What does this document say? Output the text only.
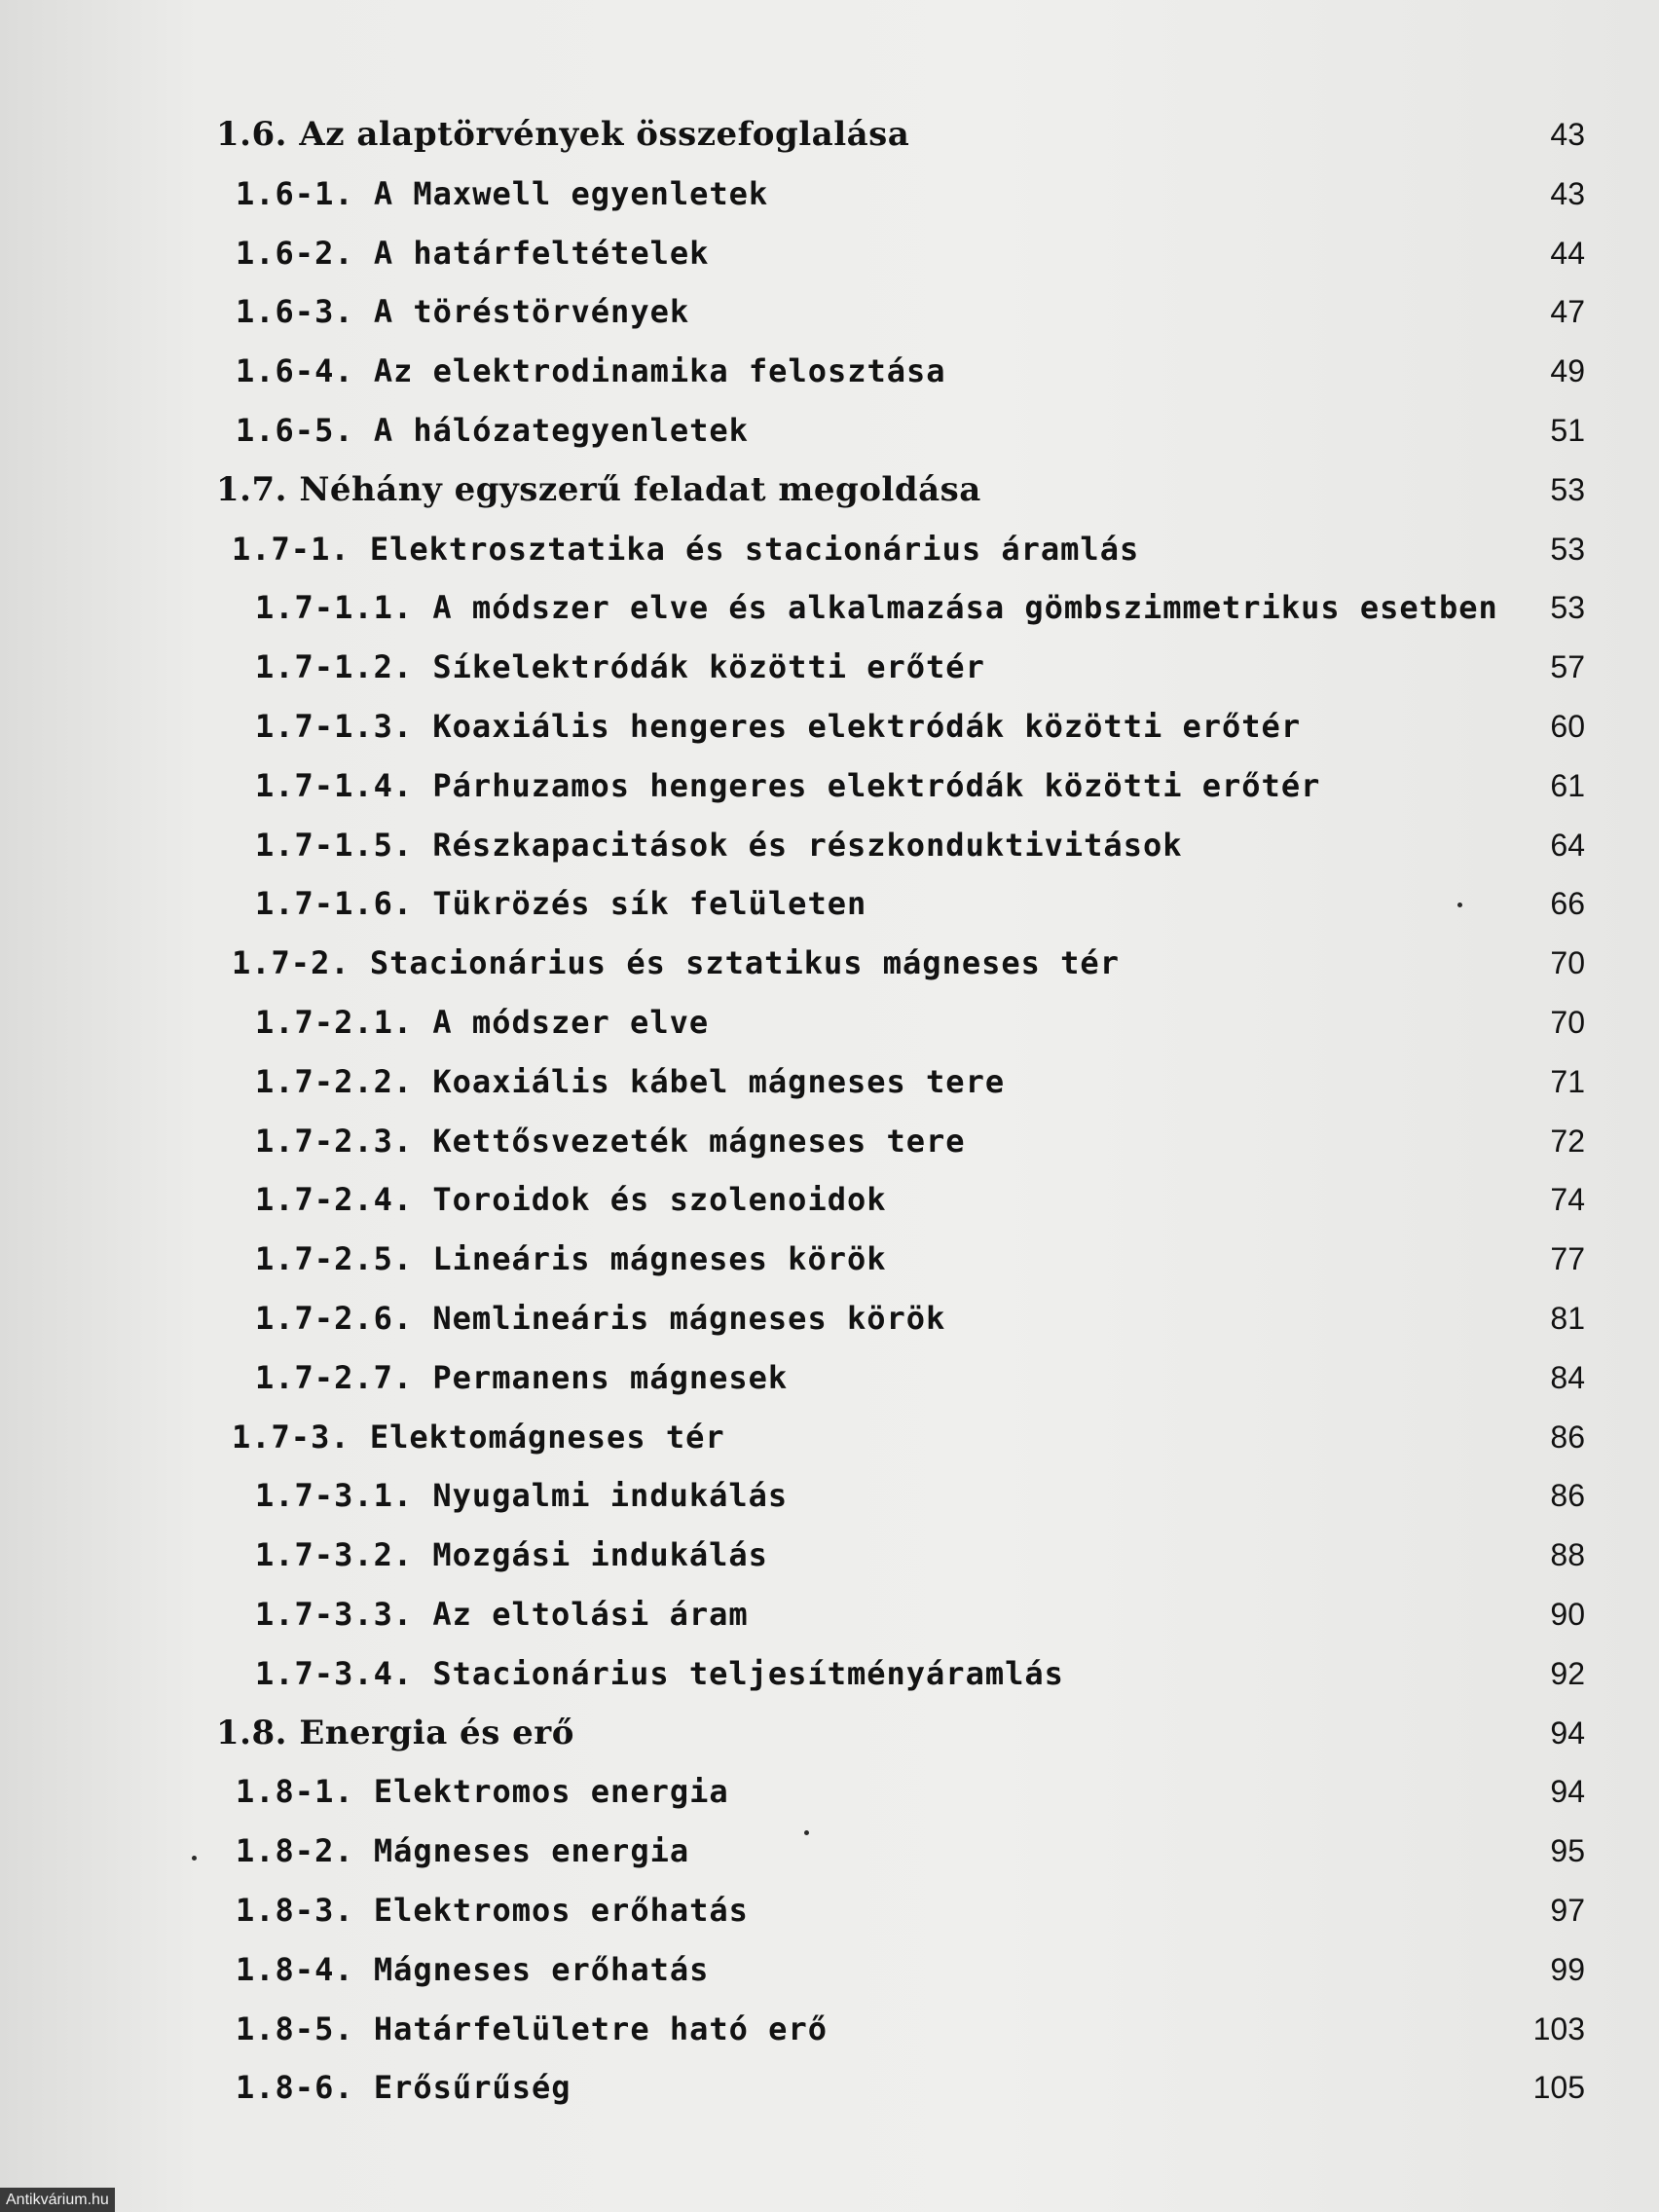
1.6. Az alaptörvények összefoglalása	43
1.6-1. A Maxwell egyenletek	43
1.6-2. A határfeltételek	44
1.6-3. A töréstörvények	47
1.6-4. Az elektrodinamika felosztása	49
1.6-5. A hálózategyenletek	51
1.7. Néhány egyszerű feladat megoldása	53
1.7-1. Elektrosztatika és stacionárius áramlás	53
1.7-1.1. A módszer elve és alkalmazása gömbszimmetrikus esetben	53
1.7-1.2. Síkelektródák közötti erőtér	57
1.7-1.3. Koaxiális hengeres elektródák közötti erőtér	60
1.7-1.4. Párhuzamos hengeres elektródák közötti erőtér	61
1.7-1.5. Részkapacitások és részkonduktivitások	64
1.7-1.6. Tükrözés sík felületen	66
1.7-2. Stacionárius és sztatikus mágneses tér	70
1.7-2.1. A módszer elve	70
1.7-2.2. Koaxiális kábel mágneses tere	71
1.7-2.3. Kettősvezeték mágneses tere	72
1.7-2.4. Toroidok és szolenoidok	74
1.7-2.5. Lineáris mágneses körök	77
1.7-2.6. Nemlineáris mágneses körök	81
1.7-2.7. Permanens mágnesek	84
1.7-3. Elektomágneses tér	86
1.7-3.1. Nyugalmi indukálás	86
1.7-3.2. Mozgási indukálás	88
1.7-3.3. Az eltolási áram	90
1.7-3.4. Stacionárius teljesítményáramlás	92
1.8. Energia és erő	94
1.8-1. Elektromos energia	94
1.8-2. Mágneses energia	95
1.8-3. Elektromos erőhatás	97
1.8-4. Mágneses erőhatás	99
1.8-5. Határfelületre ható erő	103
1.8-6. Erősűrűség	105
Antikvárium.hu
